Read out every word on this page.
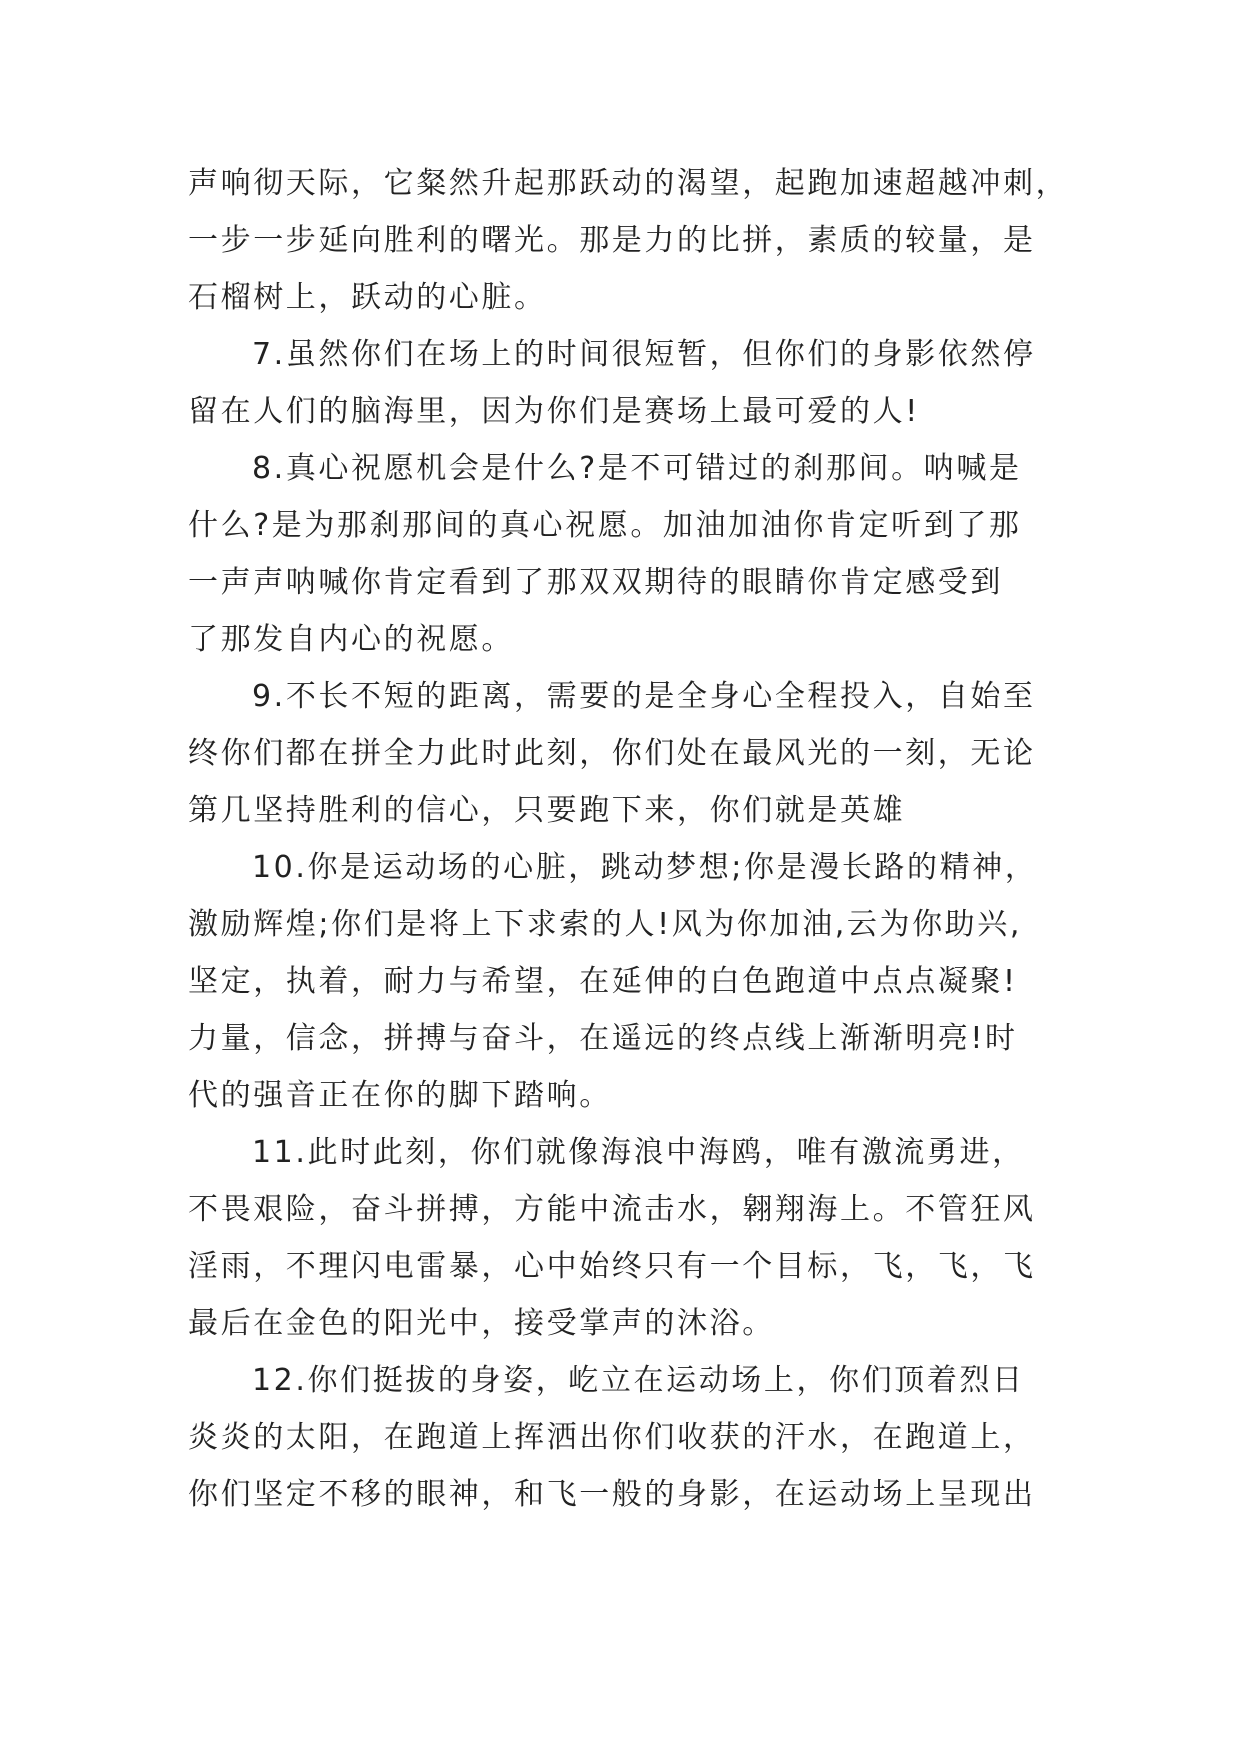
声响彻天际，它粲然升起那跃动的渴望，起跑加速超越冲刺，
一步一步延向胜利的曙光。那是力的比拼，素质的较量，是
石榴树上，跃动的心脏。
7.虽然你们在场上的时间很短暂，但你们的身影依然停
留在人们的脑海里，因为你们是赛场上最可爱的人!
8.真心祝愿机会是什么?是不可错过的刹那间。呐喊是
什么?是为那刹那间的真心祝愿。加油加油你肯定听到了那
一声声呐喊你肯定看到了那双双期待的眼睛你肯定感受到
了那发自内心的祝愿。
9.不长不短的距离，需要的是全身心全程投入，自始至
终你们都在拼全力此时此刻，你们处在最风光的一刻，无论
第几坚持胜利的信心，只要跑下来，你们就是英雄
10.你是运动场的心脏，跳动梦想;你是漫长路的精神，
激励辉煌;你们是将上下求索的人!风为你加油,云为你助兴,
坚定，执着，耐力与希望，在延伸的白色跑道中点点凝聚!
力量，信念，拼搏与奋斗，在遥远的终点线上渐渐明亮!时
代的强音正在你的脚下踏响。
11.此时此刻，你们就像海浪中海鸥，唯有激流勇进，
不畏艰险，奋斗拼搏，方能中流击水，翱翔海上。不管狂风
淫雨，不理闪电雷暴，心中始终只有一个目标，飞，飞，飞
最后在金色的阳光中，接受掌声的沐浴。
12.你们挺拔的身姿，屹立在运动场上，你们顶着烈日
炎炎的太阳，在跑道上挥洒出你们收获的汗水，在跑道上，
你们坚定不移的眼神，和飞一般的身影，在运动场上呈现出
